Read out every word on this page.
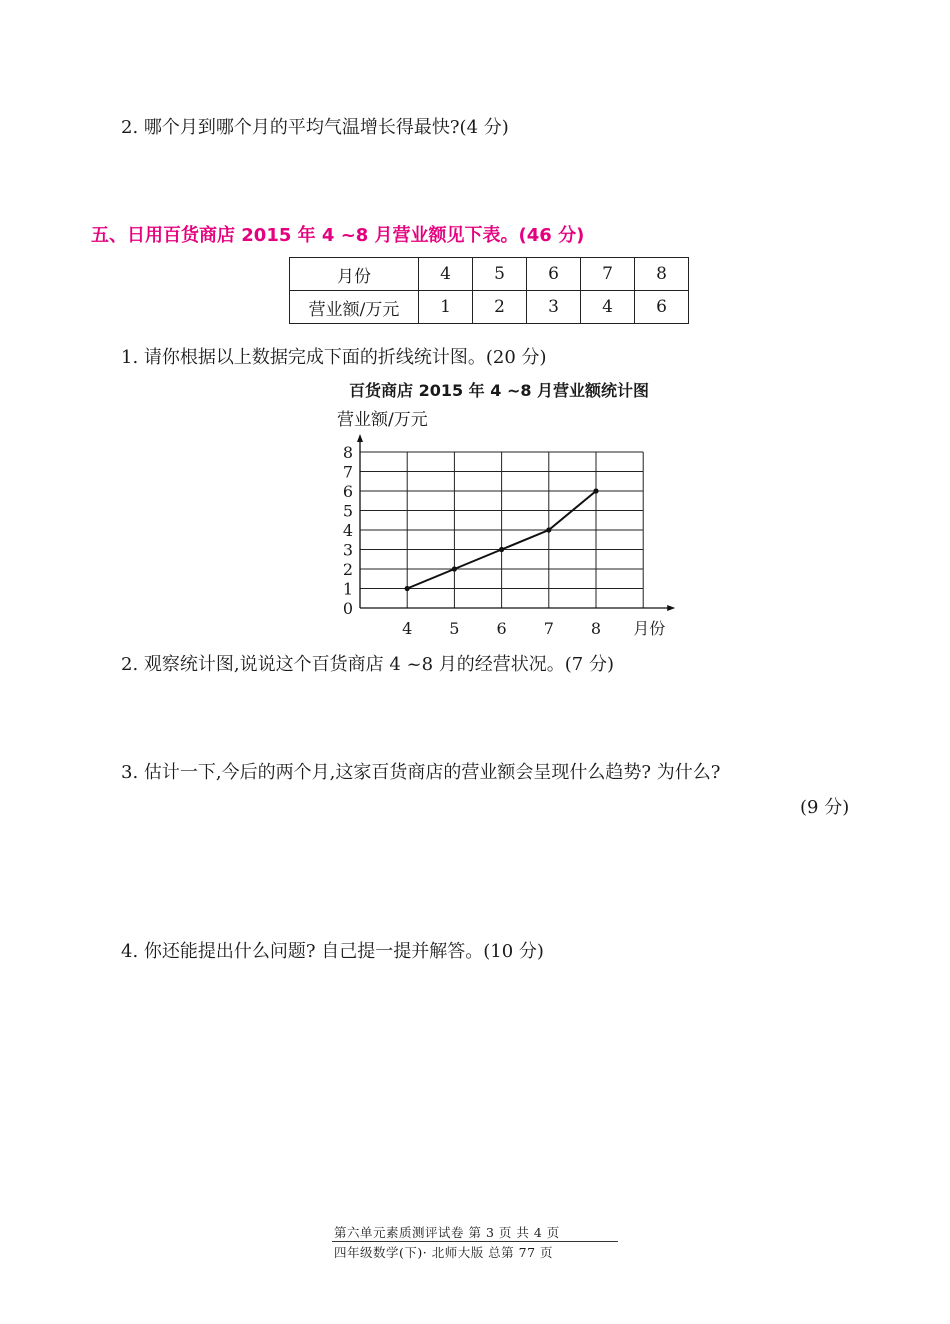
2. 哪个月到哪个月的平均气温增长得最快?(4 分)
五、日用百货商店 2015 年 4 ~8 月营业额见下表。(46 分)
月份	4	5	6	7	8
营业额/万元	1	2	3	4	6
1. 请你根据以上数据完成下面的折线统计图。(20 分)
百货商店 2015 年 4 ~8 月营业额统计图
0
1
2
3
4
5
6
7
8
4 5 6 7 8 月份
营业额/万元
2. 观察统计图,说说这个百货商店 4 ~8 月的经营状况。(7 分)
3. 估计一下,今后的两个月,这家百货商店的营业额会呈现什么趋势? 为什么?
(9 分)
4. 你还能提出什么问题? 自己提一提并解答。(10 分)
第六单元素质测评试卷 第 3 页 共 4 页
四年级数学(下)· 北师大版 总第 77 页
